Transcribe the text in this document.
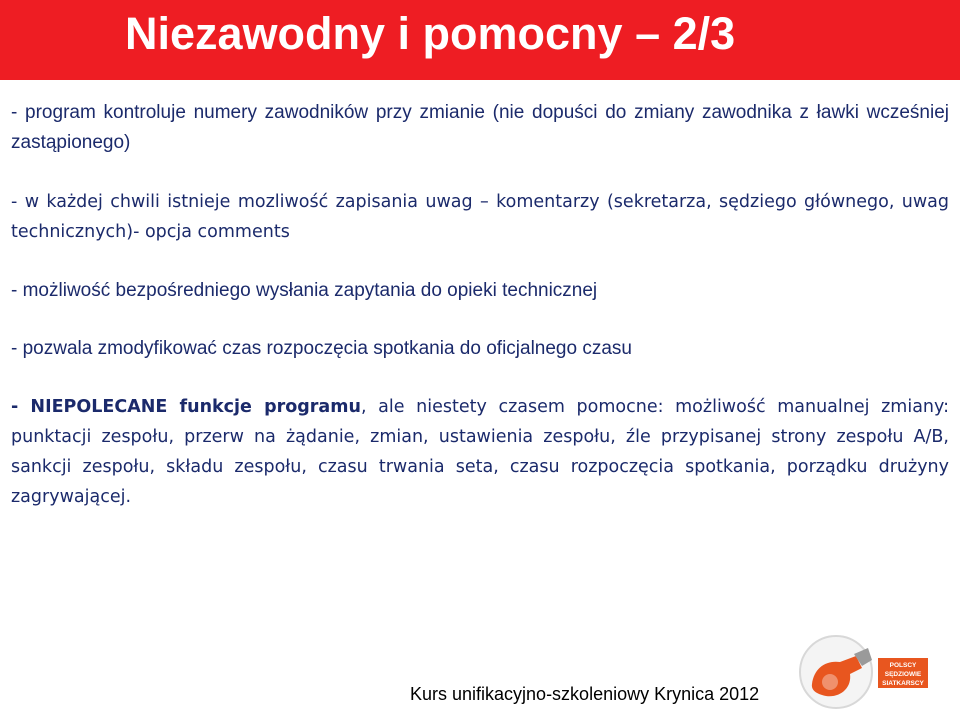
Niezawodny i pomocny – 2/3

- program kontroluje numery zawodników przy zmianie (nie dopuści do zmiany zawodnika z ławki wcześniej zastąpionego)

- w każdej chwili istnieje mozliwość zapisania uwag – komentarzy (sekretarza, sędziego głównego, uwag technicznych)- opcja comments

- możliwość bezpośredniego wysłania zapytania do opieki technicznej

- pozwala zmodyfikować czas rozpoczęcia spotkania do oficjalnego czasu

- NIEPOLECANE funkcje programu, ale niestety czasem pomocne: możliwość manualnej zmiany: punktacji zespołu, przerw na żądanie, zmian, ustawienia zespołu, źle przypisanej strony zespołu A/B, sankcji zespołu, składu zespołu, czasu trwania seta, czasu rozpoczęcia spotkania, porządku drużyny zagrywającej.

Kurs unifikacyjno-szkoleniowy Krynica 2012
POLSCY
SĘDZIOWIE
SIATKARSCY
